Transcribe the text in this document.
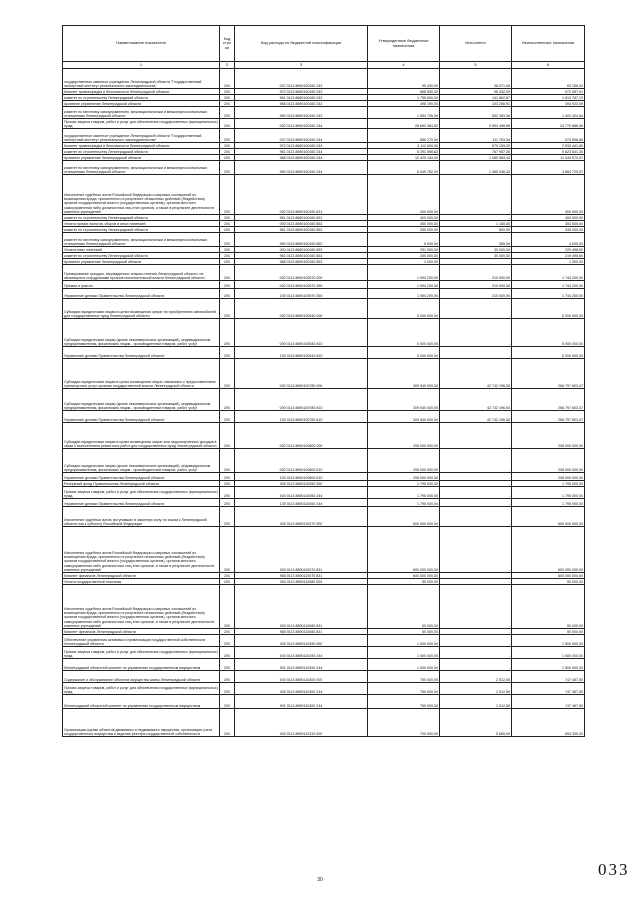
Наименование показателя	Код стро ки	Код расхода по бюджетной классификации	Утвержденные бюджетные назначения	Исполнено	Неисполненные назначения
1	2	3	4	5	6
государственное казенное учреждение Ленинградской области "Государственный экспертный институт регионального законодательства"	200	047 0113 8890100160 242	99 430,00	36 071,08	63 158,92
Комитет правопорядка и безопасности Ленинградской области	200	972 0113 8890100160 242	668 550,00	96 432,09	572 087,91
комитет по строительству Ленинградской области	200	961 0113 8890100160 242	1 755 650,00	141 862,87	1 613 787,13
Архивное управление Ленинградской области	200	988 0113 8890100160 242	498 190,00	103 266,91	394 923,09
комитет по местному самоуправлению, межнациональным и межконфессиональным отношениям Ленинградской области	200	990 0113 8890100160 242	1 954 706,00	552 283,36	1 402 424,64
Прочая закупка товаров, работ и услуг для обеспечения государственных (муниципальных) нужд	200	000 0113 8890100160 244	28 660 384,82	3 594 498,86	24 770 886,06
государственное казенное учреждение Ленинградской области "Государственный экспертный институт регионального законодательства"	200	047 0113 8890100160 244	686 270,00	111 763,34	574 506,66
Комитет правопорядка и безопасности Ленинградской области	200	972 0113 8890100160 244	3 112 600,00	579 159,20	2 533 441,80
комитет по строительству Ленинградской области	200	961 0113 8890100160 244	6 391 598,62	767 957,26	5 623 641,36
Архивное управление Ленинградской области	200	988 0113 8890100160 244	12 425 154,00	1 080 583,43	11 344 570,57
комитет по местному самоуправлению, межнациональным и межконфессиональным отношениям Ленинградской области	200	990 0113 8890100160 244	6 049 762,00	1 365 036,43	4 684 725,57
Исполнение судебных актов Российской Федерации и мировых соглашений по возмещению вреда, причиненного в результате незаконных действий (бездействия) органов государственной власти (государственных органов), органов местного самоуправления либо должностных лиц этих органов, а также в результате деятельности казенных учреждений	200	000 0113 8890100160 831	400 000,00	-	400 000,00
комитет по строительству Ленинградской области	200	961 0113 8890100160 831	400 000,00	-	400 000,00
Уплата прочих налогов, сборов и иных платежей	200	000 0113 8890100160 852	350 000,00	1 165,00	353 835,00
комитет по строительству Ленинградской области	200	961 0113 8890100160 852	350 000,00	800,00	349 200,00
комитет по местному самоуправлению, межнациональным и межконфессиональным отношениям Ленинградской области	200	990 0113 8890100160 852	5 000,00	365,00	4 635,00
Уплата иных платежей	200	000 0113 8890100160 853	251 000,00	30 000,00	220 498,60
комитет по строительству Ленинградской области	200	961 0113 8890100160 853	250 000,00	30 000,00	219 498,60
Архивное управление Ленинградской области	200	988 0113 8890100160 853	1 000,00	-	1 000,00
Премирование граждан, награжденных знаком отличия Ленинградской области, не являющихся сотрудниками органов исполнительной власти Ленинградской области	200	000 0113 8890100570 000	1 954 200,00	210 000,00	1 744 200,00
Премии и гранты	200	000 0113 8890100570 350	1 954 200,00	210 000,00	1 744 200,00
Управление делами Правительства Ленинградской области	200	130 0113 8890100570 350	1 954 200,00	210 000,00	1 744 200,00
Субсидии юридическим лицам в целях возмещения затрат по приобретению автомобилей для государственных нужд Ленинградской области	200	000 0113 8890100540 000	5 000 000,00	-	5 000 000,00
Субсидии юридическим лицам (кроме некоммерческих организаций), индивидуальным предпринимателям, физическим лицам - производителям товаров, работ, услуг	200	000 0113 8890100540 810	5 000 000,00	-	5 000 000,00
Управление делами Правительства Ленинградской области	200	130 0113 8890100540 810	5 000 000,00	-	5 000 000,00
Субсидии юридическим лицам в целях возмещения затрат, связанных с предоставлением транспортных услуг органам государственной власти Ленинградской области	200	000 0113 8890100780 000	309 540 000,00	42 742 196,53	266 797 803,47
Субсидии юридическим лицам (кроме некоммерческих организаций), индивидуальным предпринимателям, физическим лицам - производителям товаров, работ, услуг	200	000 0113 8890100780 810	309 540 000,00	42 742 196,53	266 797 803,47
Управление делами Правительства Ленинградской области	200	130 0113 8890100780 810	309 540 000,00	42 742 196,53	266 797 803,47
Субсидии юридическим лицам в целях возмещения затрат или недополученных доходов в связи с выполнением ремонтных работ для государственных нужд Ленинградской области	200	000 0113 8890100800 000	208 000 000,00	-	208 000 000,00
Субсидии юридическим лицам (кроме некоммерческих организаций), индивидуальным предпринимателям, физическим лицам - производителям товаров, работ, услуг	200	000 0113 8890100800 810	208 000 000,00	-	208 000 000,00
Управление делами Правительства Ленинградской области	200	130 0113 8890100800 810	208 000 000,00	-	208 000 000,00
Резервный фонд Правительства Ленинградской области	200	000 0113 8890110050 000	1 795 000,00	-	1 795 000,00
Прочая закупка товаров, работ и услуг для обеспечения государственных (муниципальных) нужд	200	000 0113 8890110050 244	1 795 000,00	-	1 795 000,00
Управление делами Правительства Ленинградской области	200	130 0113 8890110050 244	1 795 000,00	-	1 795 000,00
Исполнение судебных актов, вступивших в законную силу, по искам к Ленинградской области как к субъекту Российской Федерации	200	000 0113 8890110070 000	600 000 000,00	-	600 000 000,00
Исполнение судебных актов Российской Федерации и мировых соглашений по возмещению вреда, причиненного в результате незаконных действий (бездействия) органов государственной власти (государственных органов), органов местного самоуправления либо должностных лиц этих органов, а также в результате деятельности казенных учреждений	200	000 0113 8890110070 831	600 000 000,00	-	600 000 000,00
Комитет финансов Ленинградской области	200	965 0113 8890110070 831	600 000 000,00	-	600 000 000,00
Уплата государственной пошлины	200	000 0113 8890110080 000	50 000,00	-	50 000,00
Исполнение судебных актов Российской Федерации и мировых соглашений по возмещению вреда, причиненного в результате незаконных действий (бездействия) органов государственной власти (государственных органов), органов местного самоуправления либо должностных лиц этих органов, а также в результате деятельности казенных учреждений	200	000 0113 8890110080 831	50 000,00	-	50 000,00
Комитет финансов Ленинградской области	200	965 0113 8890110080 831	50 000,00	-	50 000,00
Обеспечение управления активами и приватизации государственной собственности Ленинградской области	200	000 0113 8890110290 000	1 500 000,00	-	1 500 000,00
Прочая закупка товаров, работ и услуг для обеспечения государственных (муниципальных) нужд	200	000 0113 8890110290 244	1 500 000,00	-	1 500 000,00
Ленинградский областной комитет по управлению государственным имуществом	200	901 0113 8890110290 244	1 500 000,00	-	1 500 000,00
Содержание и обслуживание объектов имущества казны Ленинградской области	200	000 0113 8890110300 000	750 000,00	2 512,50	747 487,50
Прочая закупка товаров, работ и услуг для обеспечения государственных (муниципальных) нужд	200	000 0113 8890110300 244	750 000,00	2 512,50	747 487,50
Ленинградский областной комитет по управлению государственным имуществом	200	901 0113 8890110300 244	750 000,00	2 512,50	747 487,50
Организация оценки объектов движимого и недвижимого имущества, организация учета государственного имущества и ведение реестра государственной собственности	200	000 0113 8890110310 000	700 000,00	5 665,00	694 335,00
30
033
